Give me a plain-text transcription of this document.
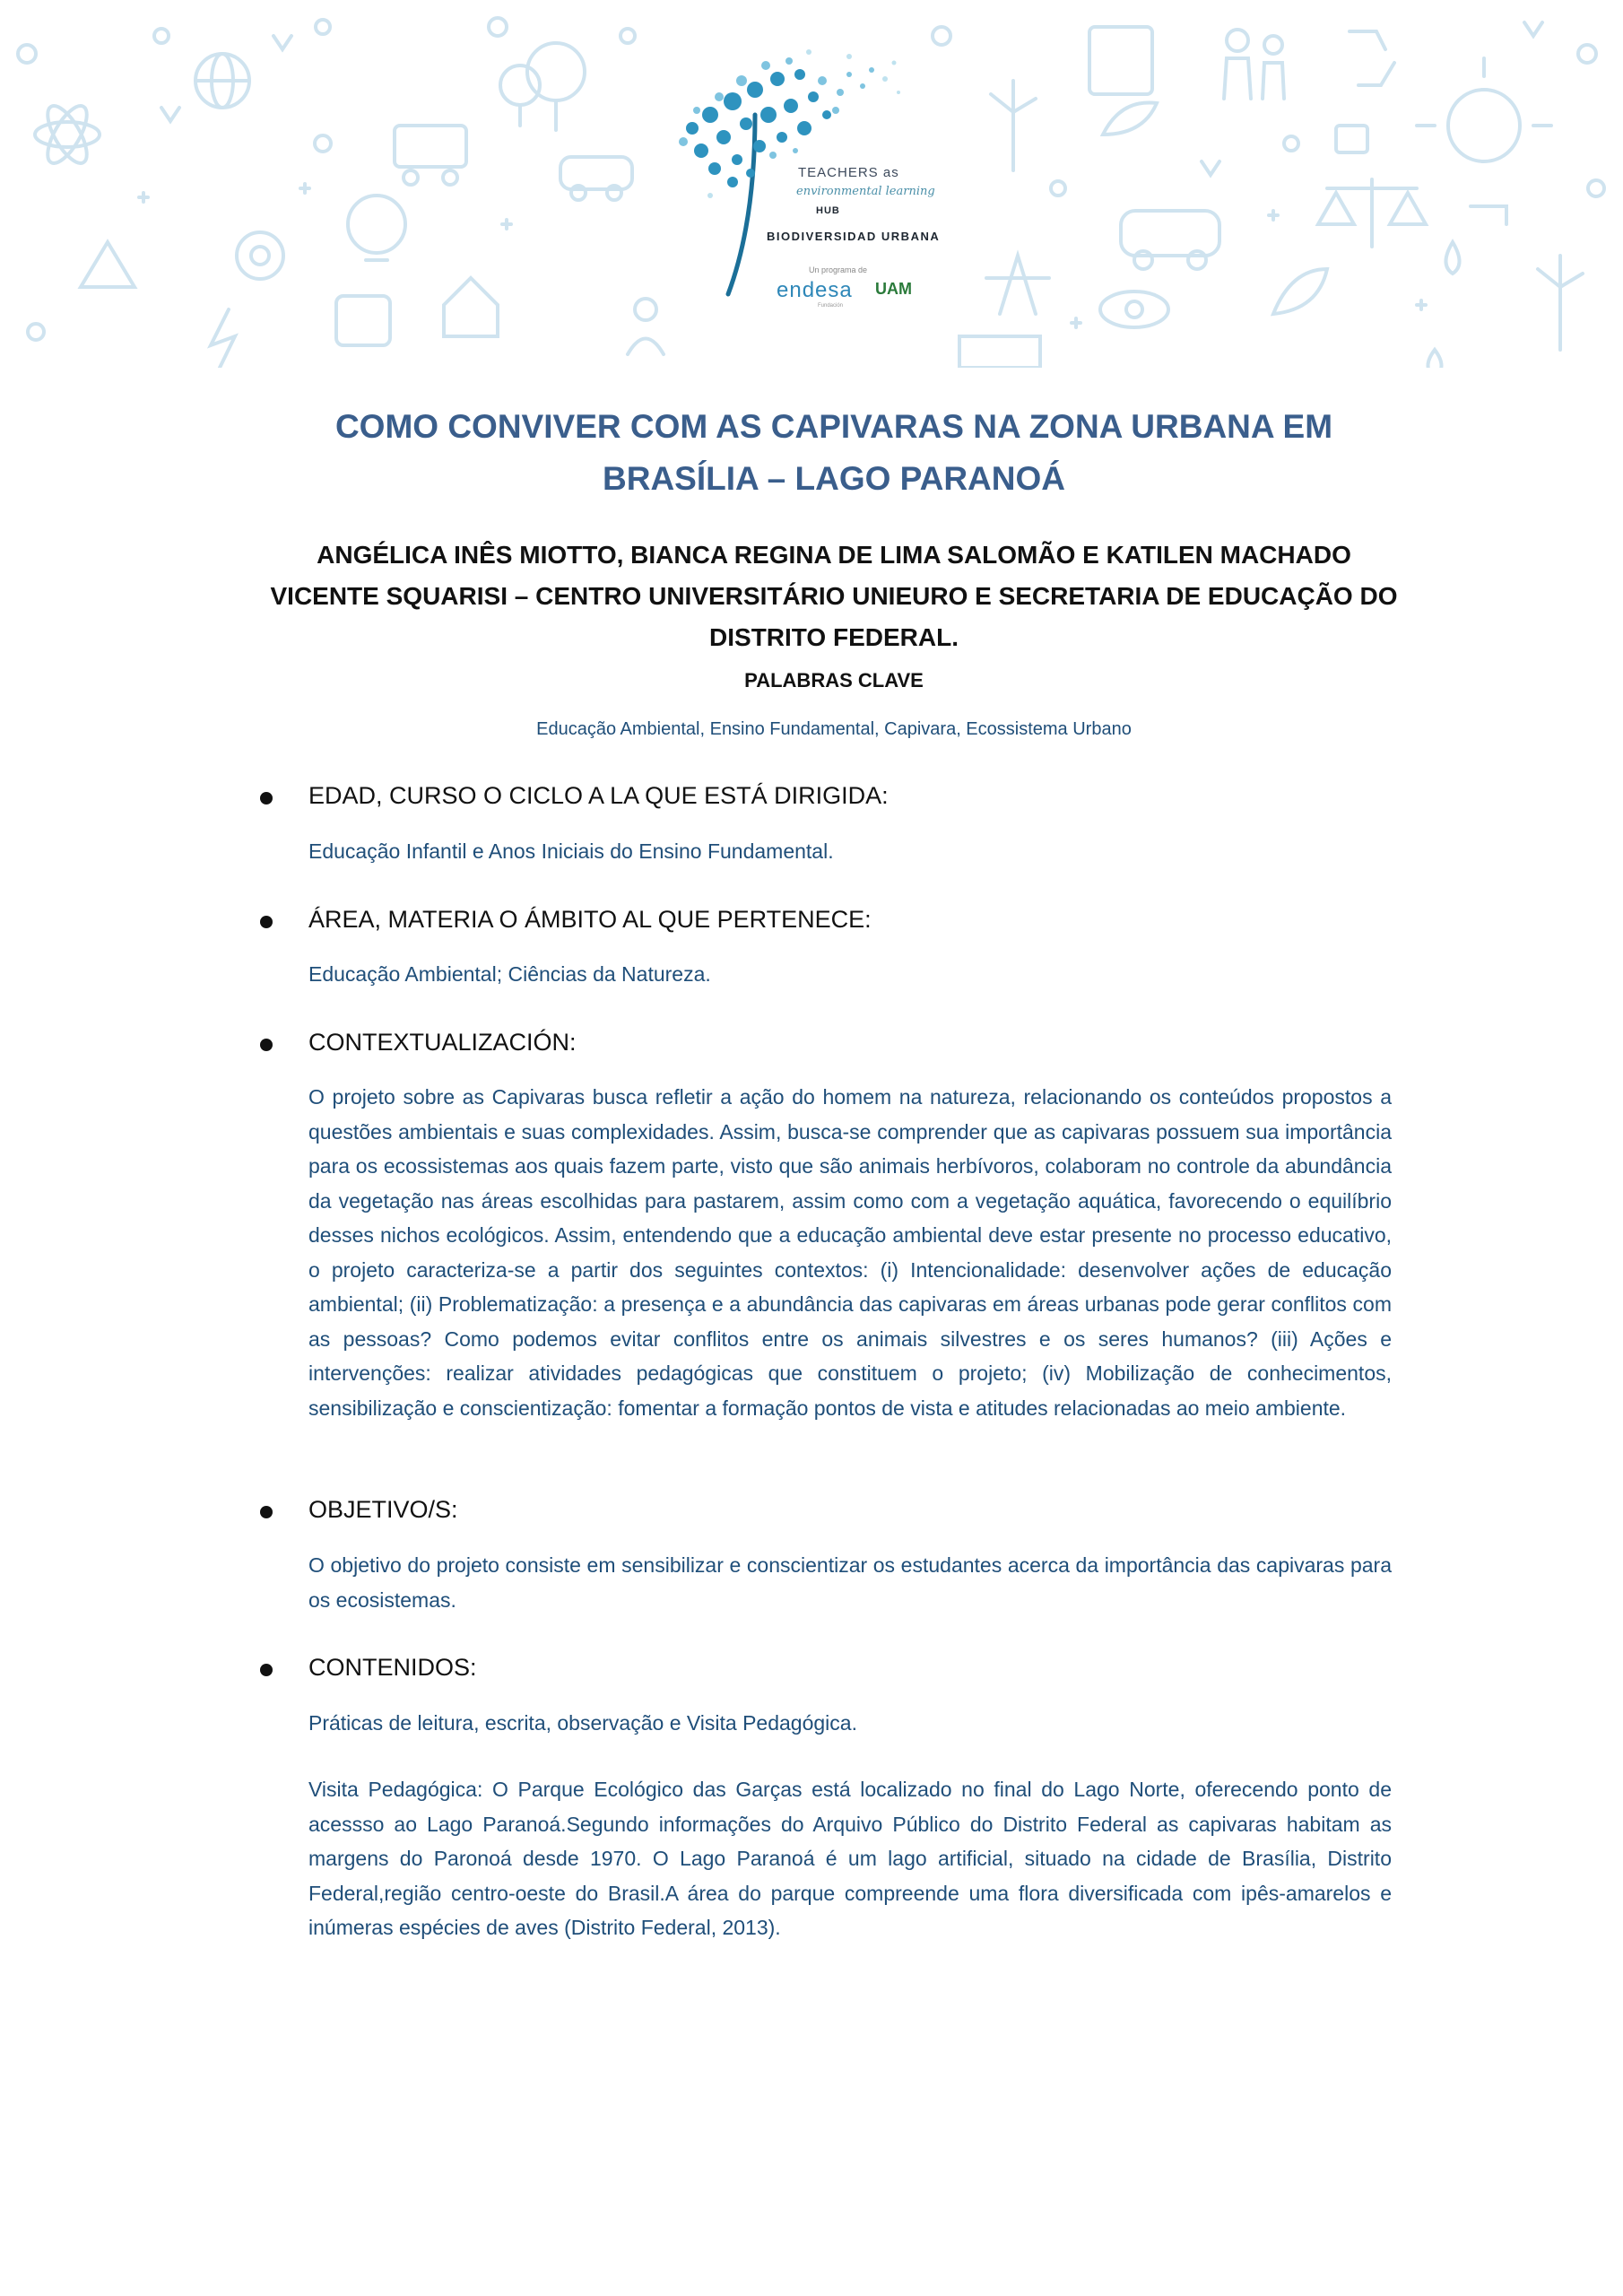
TEACHERS as
environmental learning
HUB
BIODIVERSIDAD URBANA
Un programa de
endesa
Fundación
UAM
COMO CONVIVER COM AS CAPIVARAS NA ZONA URBANA EM BRASÍLIA – LAGO PARANOÁ
ANGÉLICA INÊS MIOTTO, BIANCA REGINA DE LIMA SALOMÃO E KATILEN MACHADO VICENTE SQUARISI – CENTRO UNIVERSITÁRIO UNIEURO E SECRETARIA DE EDUCAÇÃO DO DISTRITO FEDERAL.
PALABRAS CLAVE
Educação Ambiental, Ensino Fundamental, Capivara, Ecossistema Urbano
EDAD, CURSO O CICLO A LA QUE ESTÁ DIRIGIDA:

Educação Infantil e Anos Iniciais do Ensino Fundamental.

ÁREA, MATERIA O ÁMBITO AL QUE PERTENECE:

Educação Ambiental; Ciências da Natureza.

CONTEXTUALIZACIÓN:

O projeto sobre as Capivaras busca refletir a ação do homem na natureza, relacionando os conteúdos propostos a questões ambientais e suas complexidades. Assim, busca-se comprender que as capivaras possuem sua importância para os ecossistemas aos quais fazem parte, visto que são animais herbívoros, colaboram no controle da abundância da vegetação nas áreas escolhidas para pastarem, assim como com a vegetação aquática, favorecendo o equilíbrio desses nichos ecológicos. Assim, entendendo que a educação ambiental deve estar presente no processo educativo, o projeto caracteriza-se a partir dos seguintes contextos: (i) Intencionalidade: desenvolver ações de educação ambiental; (ii) Problematização: a presença e a abundância das capivaras em áreas urbanas pode gerar conflitos com as pessoas? Como podemos evitar conflitos entre os animais silvestres e os seres humanos? (iii) Ações e intervenções: realizar atividades pedagógicas que constituem o projeto; (iv) Mobilização de conhecimentos, sensibilização e conscientização: fomentar a formação pontos de vista e atitudes relacionadas ao meio ambiente.

OBJETIVO/S:

O objetivo do projeto consiste em sensibilizar e conscientizar os estudantes acerca da importância das capivaras para os ecosistemas.

CONTENIDOS:

Práticas de leitura, escrita, observação e Visita Pedagógica.

Visita Pedagógica: O Parque Ecológico das Garças está localizado no final do Lago Norte, oferecendo ponto de acessso ao Lago Paranoá.Segundo informações do Arquivo Público do Distrito Federal as capivaras habitam as margens do Paronoá desde 1970. O Lago Paranoá é um lago artificial, situado na cidade de Brasília, Distrito Federal,região centro-oeste do Brasil.A área do parque compreende uma flora diversificada com ipês-amarelos e inúmeras espécies de aves (Distrito Federal, 2013).
